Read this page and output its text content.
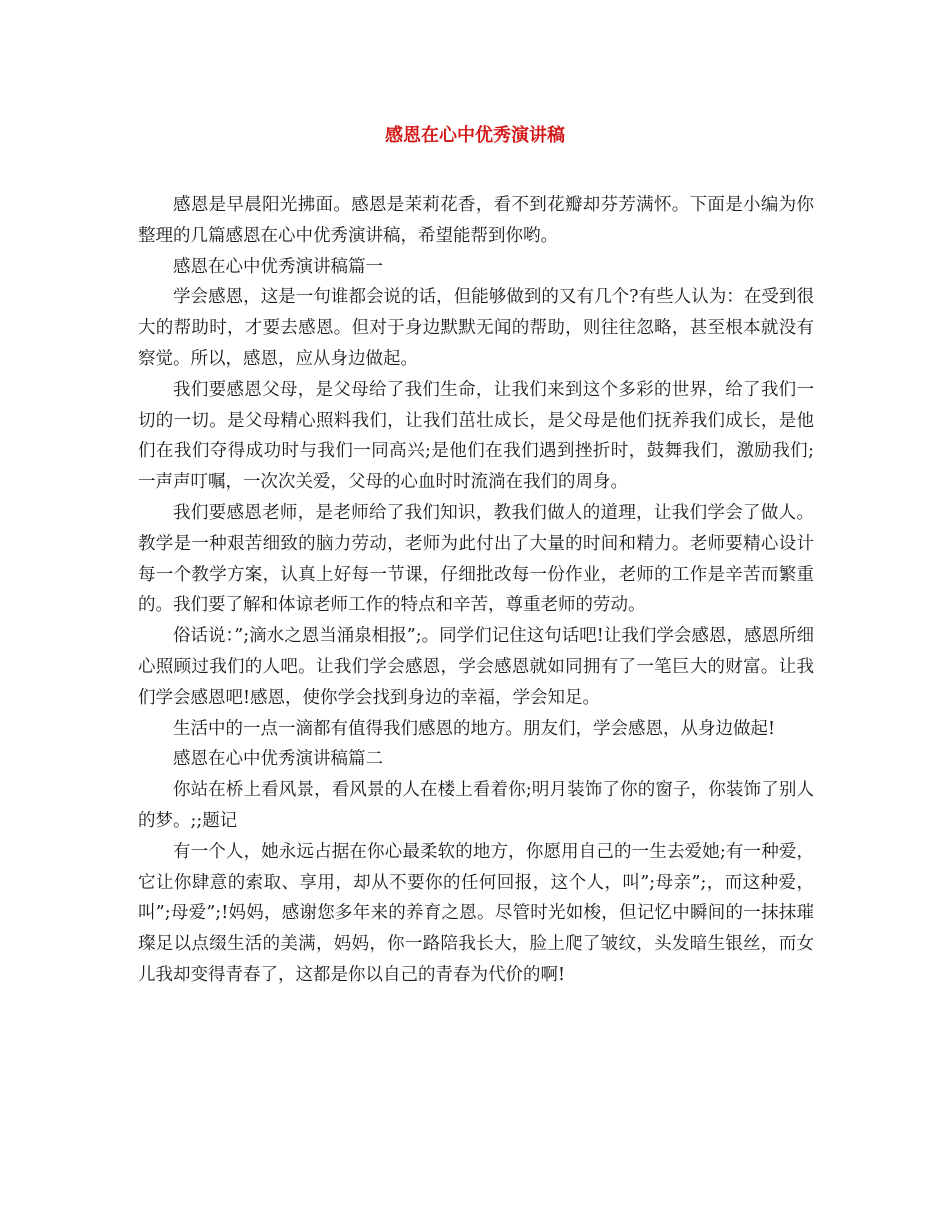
感恩在心中优秀演讲稿

感恩是早晨阳光拂面。感恩是茉莉花香，看不到花瓣却芬芳满怀。下面是小编为你整理的几篇感恩在心中优秀演讲稿，希望能帮到你哟。

感恩在心中优秀演讲稿篇一

学会感恩，这是一句谁都会说的话，但能够做到的又有几个?有些人认为：在受到很大的帮助时，才要去感恩。但对于身边默默无闻的帮助，则往往忽略，甚至根本就没有察觉。所以，感恩，应从身边做起。

我们要感恩父母，是父母给了我们生命，让我们来到这个多彩的世界，给了我们一切的一切。是父母精心照料我们，让我们茁壮成长，是父母是他们抚养我们成长，是他们在我们夺得成功时与我们一同高兴;是他们在我们遇到挫折时，鼓舞我们，激励我们;一声声叮嘱，一次次关爱，父母的心血时时流淌在我们的周身。

我们要感恩老师，是老师给了我们知识，教我们做人的道理，让我们学会了做人。教学是一种艰苦细致的脑力劳动，老师为此付出了大量的时间和精力。老师要精心设计每一个教学方案，认真上好每一节课，仔细批改每一份作业，老师的工作是辛苦而繁重的。我们要了解和体谅老师工作的特点和辛苦，尊重老师的劳动。

俗话说：”;滴水之恩当涌泉相报”;。同学们记住这句话吧!让我们学会感恩，感恩所细心照顾过我们的人吧。让我们学会感恩，学会感恩就如同拥有了一笔巨大的财富。让我们学会感恩吧!感恩，使你学会找到身边的幸福，学会知足。

生活中的一点一滴都有值得我们感恩的地方。朋友们，学会感恩，从身边做起!

感恩在心中优秀演讲稿篇二

你站在桥上看风景，看风景的人在楼上看着你;明月装饰了你的窗子，你装饰了别人的梦。;;题记

有一个人，她永远占据在你心最柔软的地方，你愿用自己的一生去爱她;有一种爱，它让你肆意的索取、享用，却从不要你的任何回报，这个人，叫”;母亲”;，而这种爱，叫”;母爱”;!妈妈，感谢您多年来的养育之恩。尽管时光如梭，但记忆中瞬间的一抹抹璀璨足以点缀生活的美满，妈妈，你一路陪我长大，脸上爬了皱纹，头发暗生银丝，而女儿我却变得青春了，这都是你以自己的青春为代价的啊!
